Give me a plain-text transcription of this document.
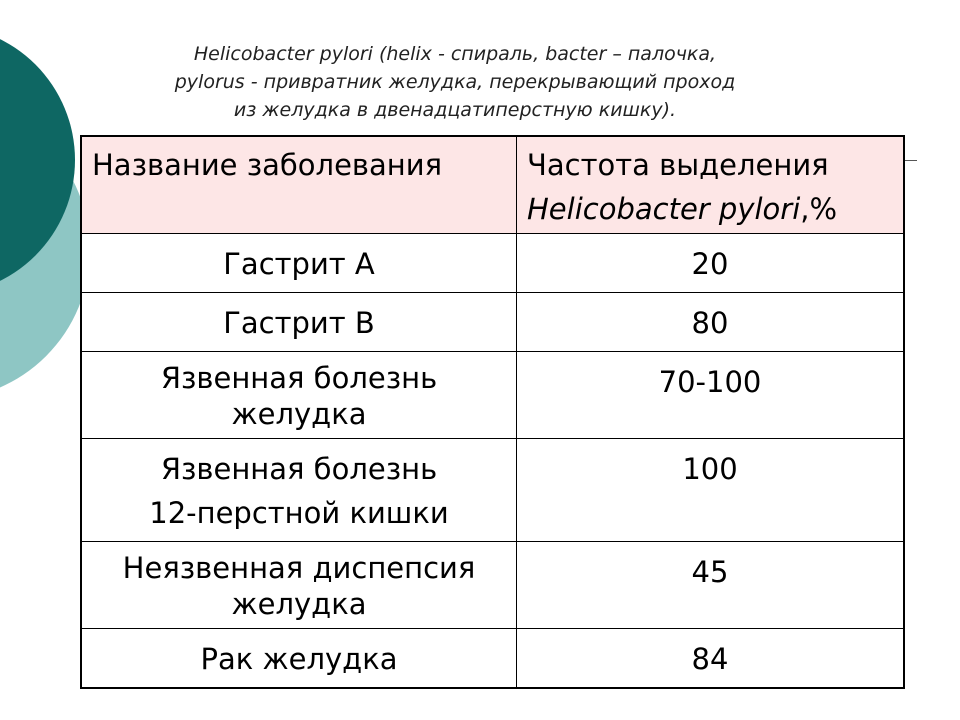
Helicobacter pylori (helix - спираль, bacter – палочка,
pylorus - привратник желудка, перекрывающий проход
из желудка в двенадцатиперстную кишку).
Название заболевания	Частота выделения
Helicobacter pylori,%
Гастрит А	20
Гастрит В	80
Язвенная болезнь
желудка	70-100
Язвенная болезнь
12-перстной кишки	100
Неязвенная диспепсия
желудка	45
Рак желудка	84
